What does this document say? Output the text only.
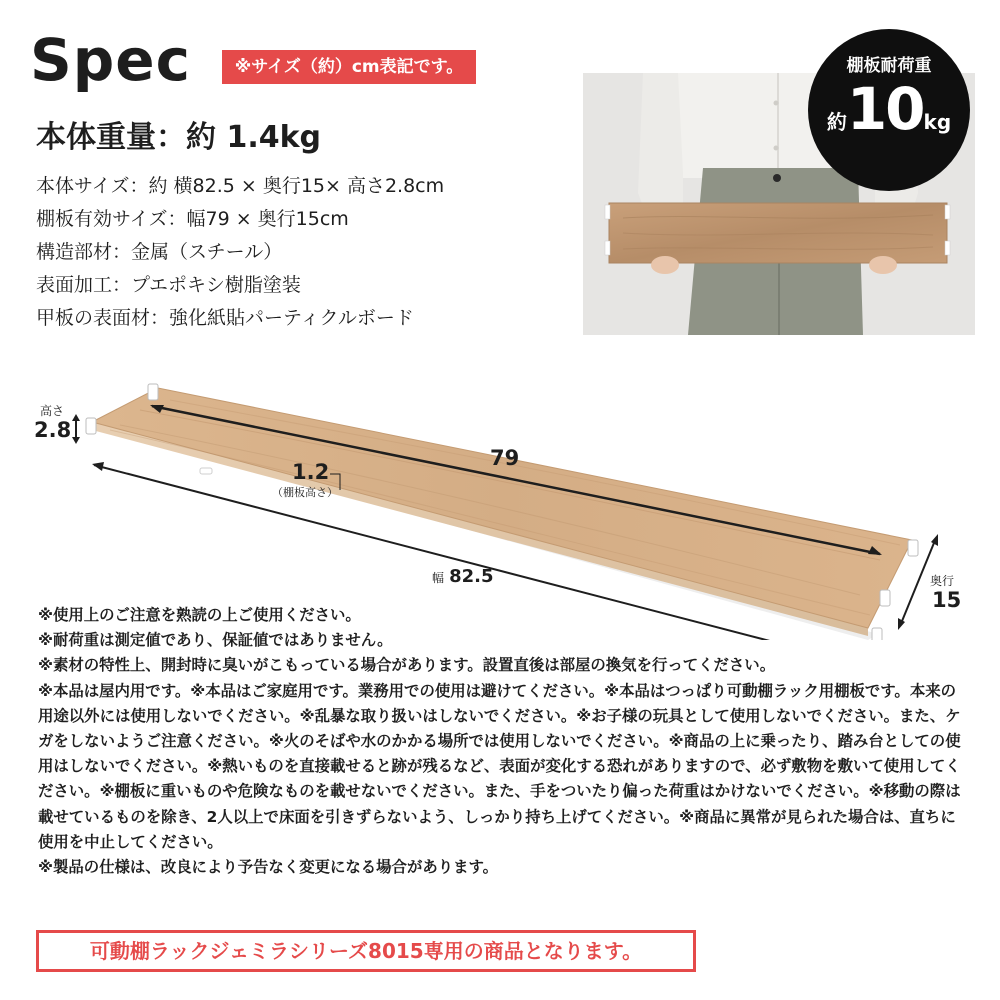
Spec	※サイズ（約）cm表記です。
本体重量：約 1.4kg
本体サイズ：約 横82.5 × 奥行15× 高さ2.8cm
棚板有効サイズ：幅79 × 奥行15cm
構造部材：金属（スチール）
表面加工：プエポキシ樹脂塗装
甲板の表面材：強化紙貼パーティクルボード
棚板耐荷重
約10kg
高さ
2.8
79
1.2
（棚板高さ）
幅 82.5	奥行
15

※使用上のご注意を熟読の上ご使用ください。

※耐荷重は測定値であり、保証値ではありません。

※素材の特性上、開封時に臭いがこもっている場合があります。設置直後は部屋の換気を行ってください。

※本品は屋内用です。※本品はご家庭用です。業務用での使用は避けてください。※本品はつっぱり可動棚ラック用棚板です。本来の用途以外には使用しないでください。※乱暴な取り扱いはしないでください。※お子様の玩具として使用しないでください。また、ケガをしないようご注意ください。※火のそばや水のかかる場所では使用しないでください。※商品の上に乗ったり、踏み台としての使用はしないでください。※熱いものを直接載せると跡が残るなど、表面が変化する恐れがありますので、必ず敷物を敷いて使用してください。※棚板に重いものや危険なものを載せないでください。また、手をついたり偏った荷重はかけないでください。※移動の際は載せているものを除き、2人以上で床面を引きずらないよう、しっかり持ち上げてください。※商品に異常が見られた場合は、直ちに使用を中止してください。

※製品の仕様は、改良により予告なく変更になる場合があります。

可動棚ラックジェミラシリーズ8015専用の商品となります。
